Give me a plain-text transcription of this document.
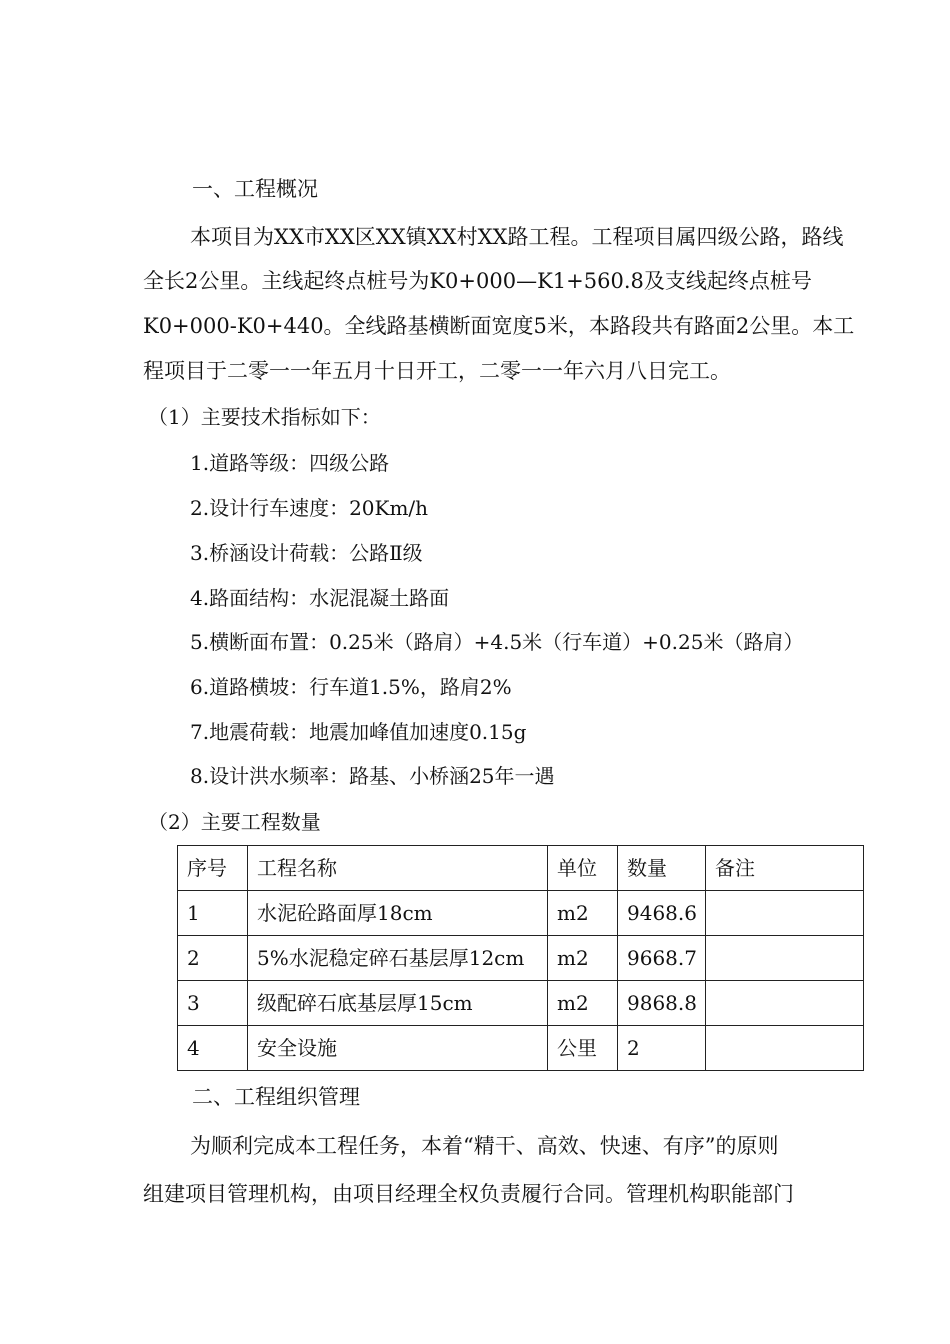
一、工程概况
本项目为XX市XX区XX镇XX村XX路工程。工程项目属四级公路，路线
全长2公里。主线起终点桩号为K0+000—K1+560.8及支线起终点桩号
K0+000-K0+440。全线路基横断面宽度5米，本路段共有路面2公里。本工
程项目于二零一一年五月十日开工，二零一一年六月八日完工。
（1）主要技术指标如下：
1.道路等级：四级公路
2.设计行车速度：20Km/h
3.桥涵设计荷载：公路Ⅱ级
4.路面结构：水泥混凝土路面
5.横断面布置：0.25米（路肩）+4.5米（行车道）+0.25米（路肩）
6.道路横坡：行车道1.5%，路肩2%
7.地震荷载：地震加峰值加速度0.15g
8.设计洪水频率：路基、小桥涵25年一遇
（2）主要工程数量
序号	工程名称	单位	数量	备注
1	水泥砼路面厚18cm	m2	9468.6	
2	5%水泥稳定碎石基层厚12cm	m2	9668.7	
3	级配碎石底基层厚15cm	m2	9868.8	
4	安全设施	公里	2	
二、工程组织管理
为顺利完成本工程任务，本着“精干、高效、快速、有序”的原则
组建项目管理机构，由项目经理全权负责履行合同。管理机构职能部门
